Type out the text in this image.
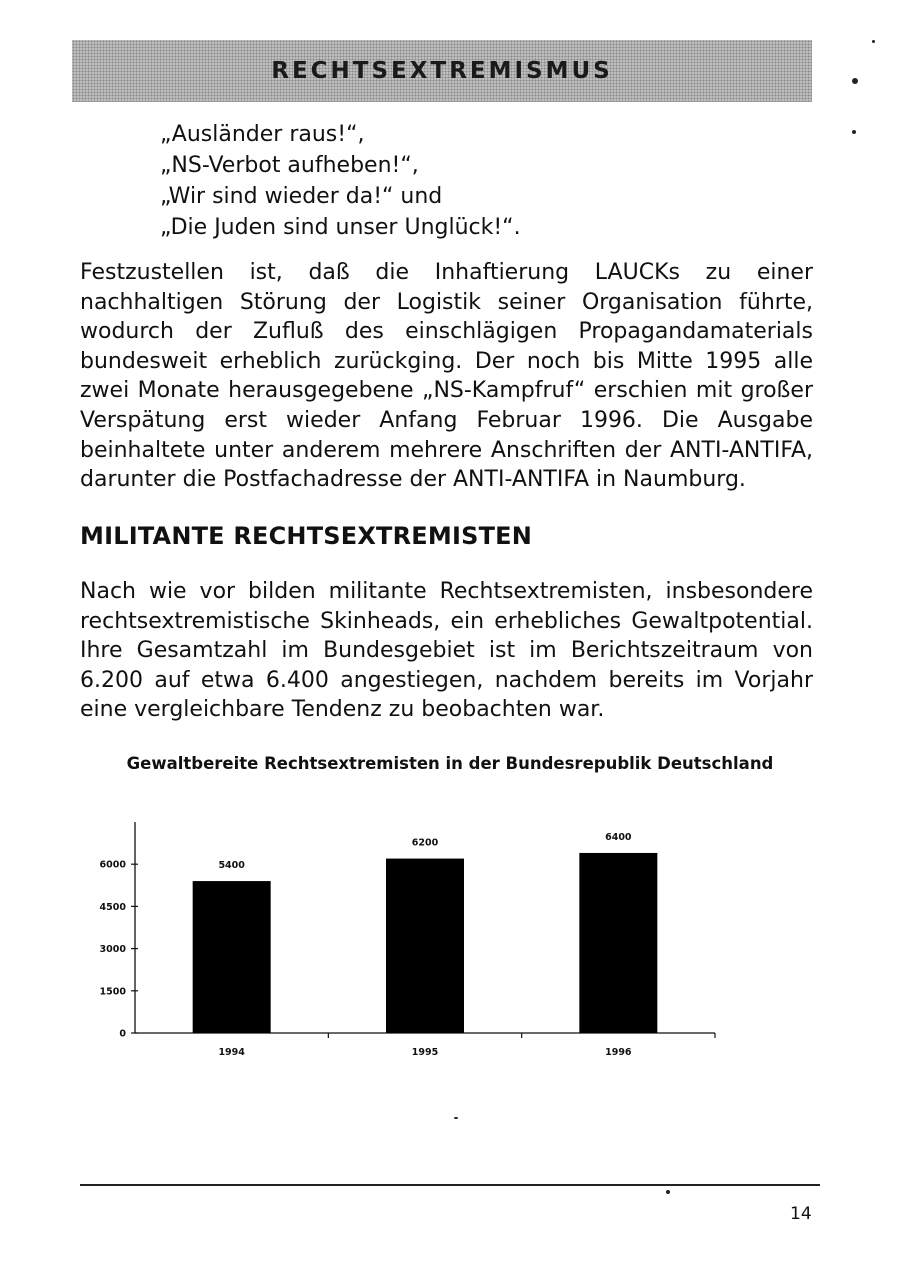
RECHTSEXTREMISMUS
„Ausländer raus!“,
„NS-Verbot aufheben!“,
„Wir sind wieder da!“ und
„Die Juden sind unser Unglück!“.
Festzustellen ist, daß die Inhaftierung LAUCKs zu einer nachhaltigen Störung der Logistik seiner Organisation führte, wodurch der Zufluß des einschlägigen Propagandamaterials bundesweit erheblich zurückging. Der noch bis Mitte 1995 alle zwei Monate herausgegebene „NS-Kampfruf“ erschien mit großer Verspätung erst wieder Anfang Februar 1996. Die Ausgabe beinhaltete unter anderem mehrere Anschriften der ANTI-ANTIFA, darunter die Postfachadresse der ANTI-ANTIFA in Naumburg.
MILITANTE RECHTSEXTREMISTEN
Nach wie vor bilden militante Rechtsextremisten, insbesondere rechtsextremistische Skinheads, ein erhebliches Gewaltpotential. Ihre Gesamtzahl im Bundesgebiet ist im Berichtszeitraum von 6.200 auf etwa 6.400 angestiegen, nachdem bereits im Vorjahr eine vergleichbare Tendenz zu beobachten war.
Gewaltbereite Rechtsextremisten in der Bundesrepublik Deutschland
0
1500
3000
4500
6000	5400
1994
6200
1995
6400
1996
14
